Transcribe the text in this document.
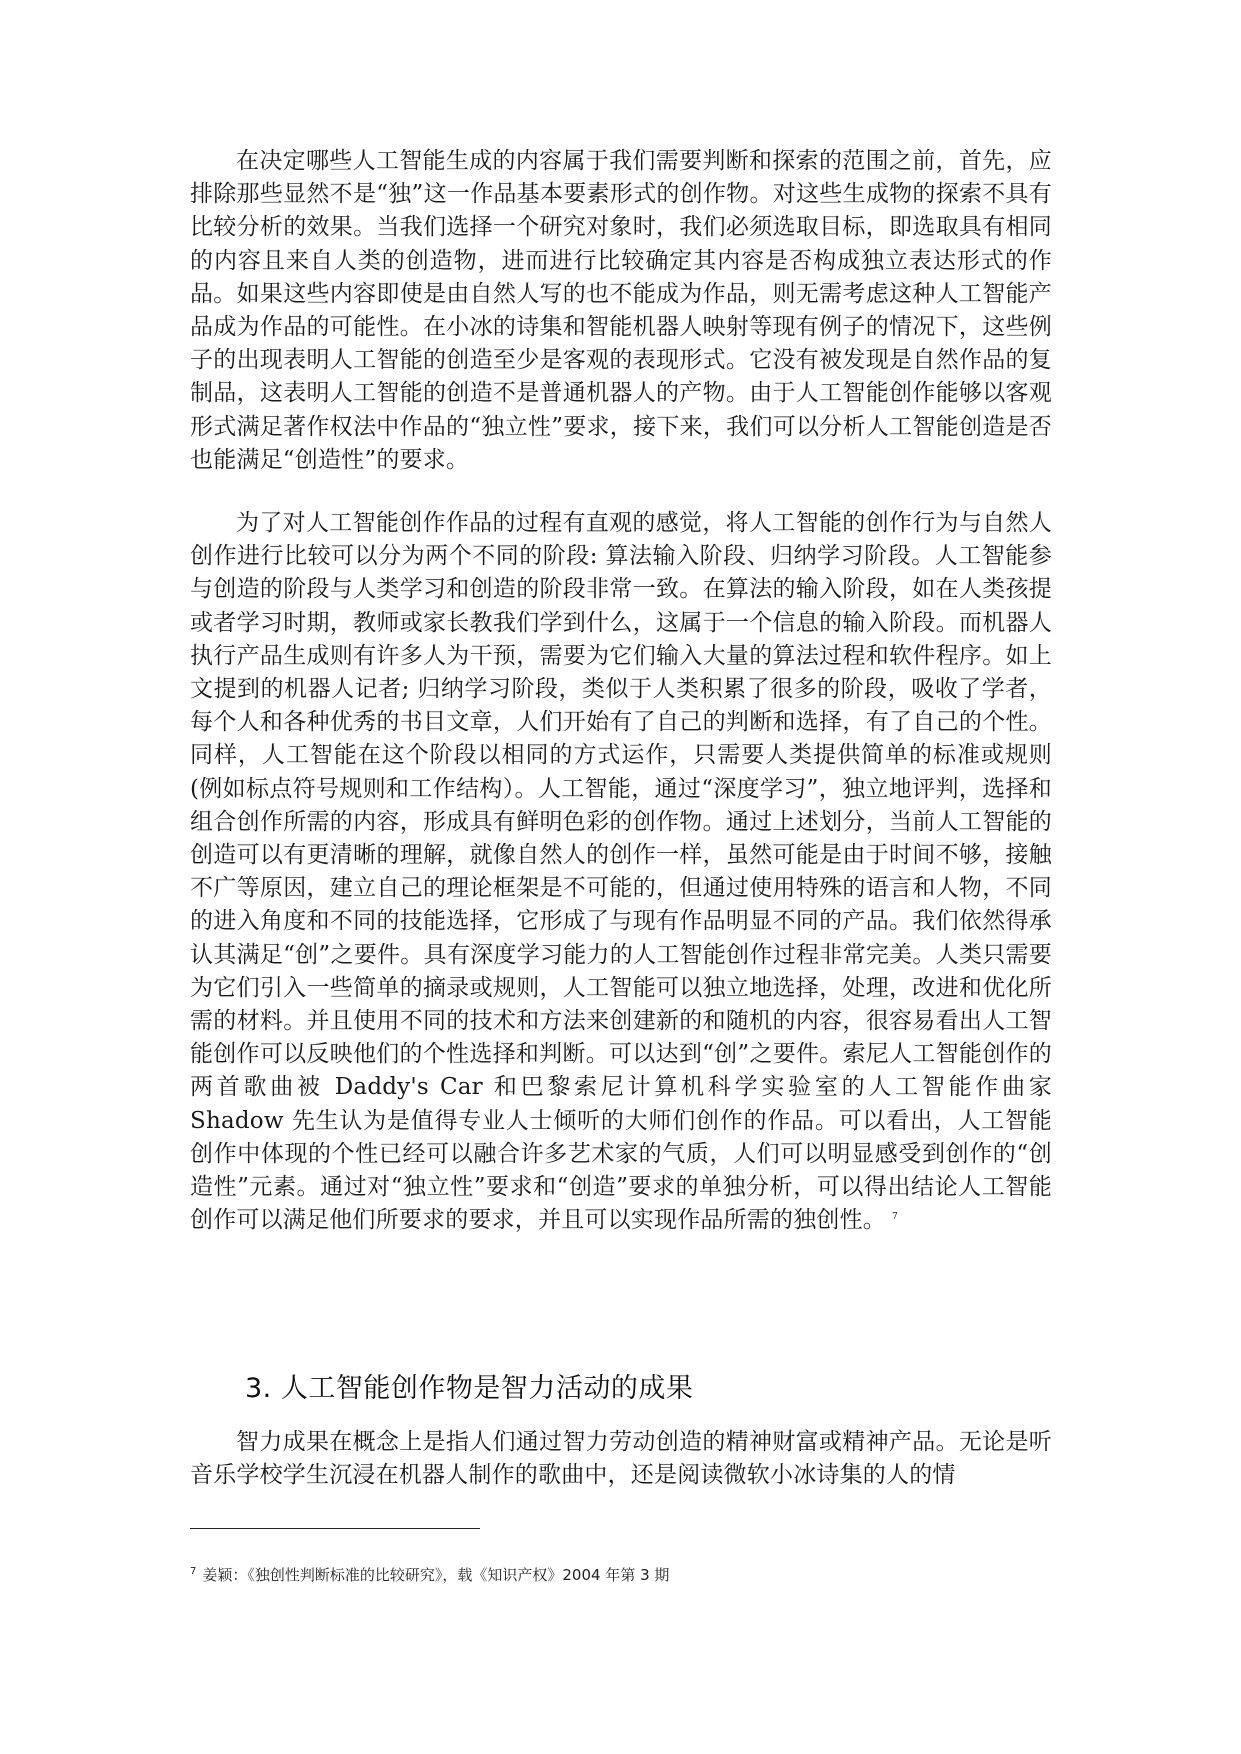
在决定哪些人工智能生成的内容属于我们需要判断和探索的范围之前，首先，应排除那些显然不是“独”这一作品基本要素形式的创作物。对这些生成物的探索不具有比较分析的效果。当我们选择一个研究对象时，我们必须选取目标，即选取具有相同的内容且来自人类的创造物，进而进行比较确定其内容是否构成独立表达形式的作品。如果这些内容即使是由自然人写的也不能成为作品，则无需考虑这种人工智能产品成为作品的可能性。在小冰的诗集和智能机器人映射等现有例子的情况下，这些例子的出现表明人工智能的创造至少是客观的表现形式。它没有被发现是自然作品的复制品，这表明人工智能的创造不是普通机器人的产物。由于人工智能创作能够以客观形式满足著作权法中作品的“独立性”要求，接下来，我们可以分析人工智能创造是否也能满足“创造性”的要求。

为了对人工智能创作作品的过程有直观的感觉，将人工智能的创作行为与自然人创作进行比较可以分为两个不同的阶段: 算法输入阶段、归纳学习阶段。人工智能参与创造的阶段与人类学习和创造的阶段非常一致。在算法的输入阶段，如在人类孩提或者学习时期，教师或家长教我们学到什么，这属于一个信息的输入阶段。而机器人执行产品生成则有许多人为干预，需要为它们输入大量的算法过程和软件程序。如上文提到的机器人记者; 归纳学习阶段，类似于人类积累了很多的阶段，吸收了学者，每个人和各种优秀的书目文章，人们开始有了自己的判断和选择，有了自己的个性。同样，人工智能在这个阶段以相同的方式运作，只需要人类提供简单的标准或规则(例如标点符号规则和工作结构）。人工智能，通过“深度学习”，独立地评判，选择和组合创作所需的内容，形成具有鲜明色彩的创作物。通过上述划分，当前人工智能的创造可以有更清晰的理解，就像自然人的创作一样，虽然可能是由于时间不够，接触不广等原因，建立自己的理论框架是不可能的，但通过使用特殊的语言和人物，不同的进入角度和不同的技能选择，它形成了与现有作品明显不同的产品。我们依然得承认其满足“创”之要件。具有深度学习能力的人工智能创作过程非常完美。人类只需要为它们引入一些简单的摘录或规则，人工智能可以独立地选择，处理，改进和优化所需的材料。并且使用不同的技术和方法来创建新的和随机的内容，很容易看出人工智能创作可以反映他们的个性选择和判断。可以达到“创”之要件。索尼人工智能创作的两首歌曲被 Daddy's Car 和巴黎索尼计算机科学实验室的人工智能作曲家 Shadow 先生认为是值得专业人士倾听的大师们创作的作品。可以看出，人工智能创作中体现的个性已经可以融合许多艺术家的气质，人们可以明显感受到创作的“创造性”元素。通过对“独立性”要求和“创造”要求的单独分析，可以得出结论人工智能创作可以满足他们所要求的要求，并且可以实现作品所需的独创性。 $^7$

3. 人工智能创作物是智力活动的成果

智力成果在概念上是指人们通过智力劳动创造的精神财富或精神产品。无论是听音乐学校学生沉浸在机器人制作的歌曲中，还是阅读微软小冰诗集的人的情

$^7$ 姜颖：《独创性判断标准的比较研究》，载《知识产权》2004 年第 3 期
